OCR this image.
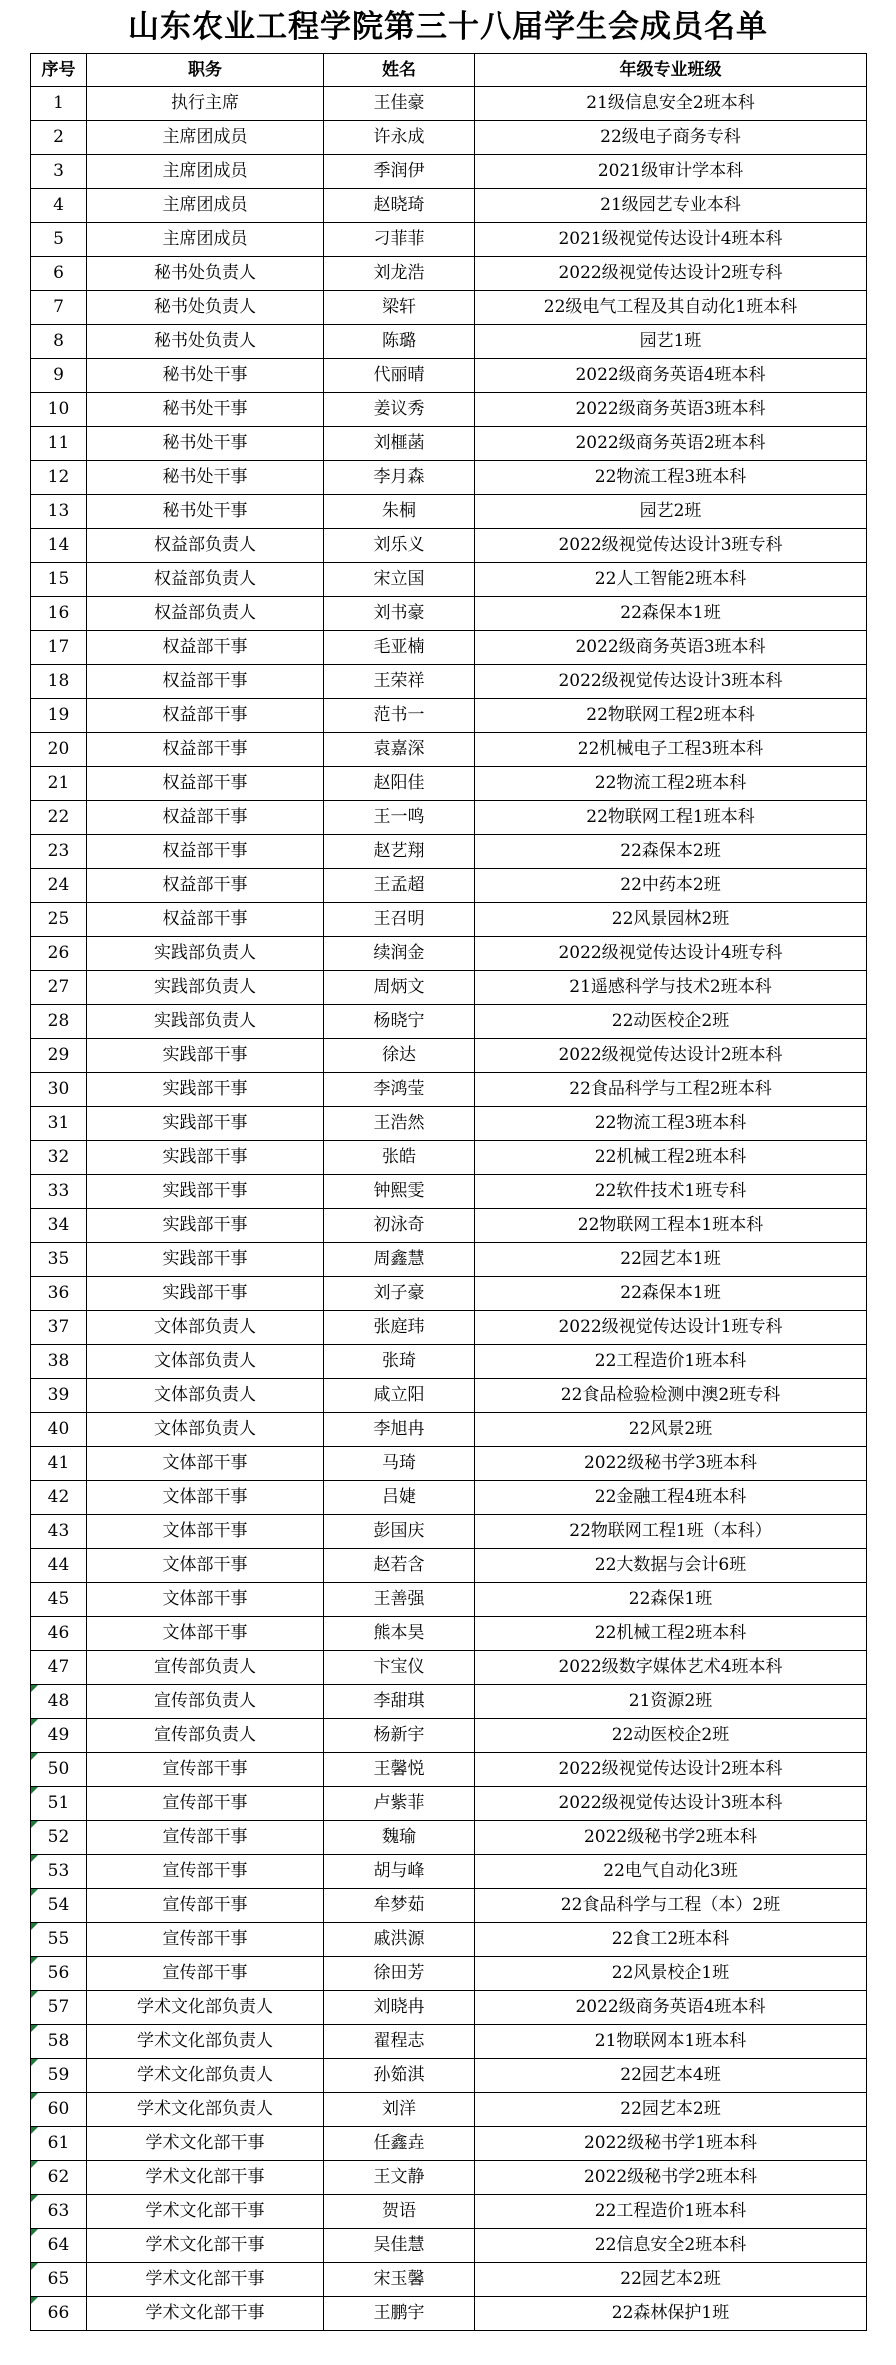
山东农业工程学院第三十八届学生会成员名单
序号	职务	姓名	年级专业班级
1	执行主席	王佳豪	21级信息安全2班本科
2	主席团成员	许永成	22级电子商务专科
3	主席团成员	季润伊	2021级审计学本科
4	主席团成员	赵晓琦	21级园艺专业本科
5	主席团成员	刁菲菲	2021级视觉传达设计4班本科
6	秘书处负责人	刘龙浩	2022级视觉传达设计2班专科
7	秘书处负责人	梁轩	22级电气工程及其自动化1班本科
8	秘书处负责人	陈璐	园艺1班
9	秘书处干事	代丽晴	2022级商务英语4班本科
10	秘书处干事	姜议秀	2022级商务英语3班本科
11	秘书处干事	刘榧菡	2022级商务英语2班本科
12	秘书处干事	李月森	22物流工程3班本科
13	秘书处干事	朱桐	园艺2班
14	权益部负责人	刘乐义	2022级视觉传达设计3班专科
15	权益部负责人	宋立国	22人工智能2班本科
16	权益部负责人	刘书豪	22森保本1班
17	权益部干事	毛亚楠	2022级商务英语3班本科
18	权益部干事	王荣祥	2022级视觉传达设计3班本科
19	权益部干事	范书一	22物联网工程2班本科
20	权益部干事	袁嘉深	22机械电子工程3班本科
21	权益部干事	赵阳佳	22物流工程2班本科
22	权益部干事	王一鸣	22物联网工程1班本科
23	权益部干事	赵艺翔	22森保本2班
24	权益部干事	王孟超	22中药本2班
25	权益部干事	王召明	22风景园林2班
26	实践部负责人	续润金	2022级视觉传达设计4班专科
27	实践部负责人	周炳文	21遥感科学与技术2班本科
28	实践部负责人	杨晓宁	22动医校企2班
29	实践部干事	徐达	2022级视觉传达设计2班本科
30	实践部干事	李鸿莹	22食品科学与工程2班本科
31	实践部干事	王浩然	22物流工程3班本科
32	实践部干事	张皓	22机械工程2班本科
33	实践部干事	钟熙雯	22软件技术1班专科
34	实践部干事	初泳奇	22物联网工程本1班本科
35	实践部干事	周鑫慧	22园艺本1班
36	实践部干事	刘子豪	22森保本1班
37	文体部负责人	张庭玮	2022级视觉传达设计1班专科
38	文体部负责人	张琦	22工程造价1班本科
39	文体部负责人	咸立阳	22食品检验检测中澳2班专科
40	文体部负责人	李旭冉	22风景2班
41	文体部干事	马琦	2022级秘书学3班本科
42	文体部干事	吕婕	22金融工程4班本科
43	文体部干事	彭国庆	22物联网工程1班（本科）
44	文体部干事	赵若含	22大数据与会计6班
45	文体部干事	王善强	22森保1班
46	文体部干事	熊本昊	22机械工程2班本科
47	宣传部负责人	卞宝仪	2022级数字媒体艺术4班本科
48	宣传部负责人	李甜琪	21资源2班
49	宣传部负责人	杨新宇	22动医校企2班
50	宣传部干事	王馨悦	2022级视觉传达设计2班本科
51	宣传部干事	卢紫菲	2022级视觉传达设计3班本科
52	宣传部干事	魏瑜	2022级秘书学2班本科
53	宣传部干事	胡与峰	22电气自动化3班
54	宣传部干事	牟梦茹	22食品科学与工程（本）2班
55	宣传部干事	戚洪源	22食工2班本科
56	宣传部干事	徐田芳	22风景校企1班
57	学术文化部负责人	刘晓冉	2022级商务英语4班本科
58	学术文化部负责人	翟程志	21物联网本1班本科
59	学术文化部负责人	孙筎淇	22园艺本4班
60	学术文化部负责人	刘洋	22园艺本2班
61	学术文化部干事	任鑫垚	2022级秘书学1班本科
62	学术文化部干事	王文静	2022级秘书学2班本科
63	学术文化部干事	贺语	22工程造价1班本科
64	学术文化部干事	吴佳慧	22信息安全2班本科
65	学术文化部干事	宋玉馨	22园艺本2班
66	学术文化部干事	王鹏宇	22森林保护1班
